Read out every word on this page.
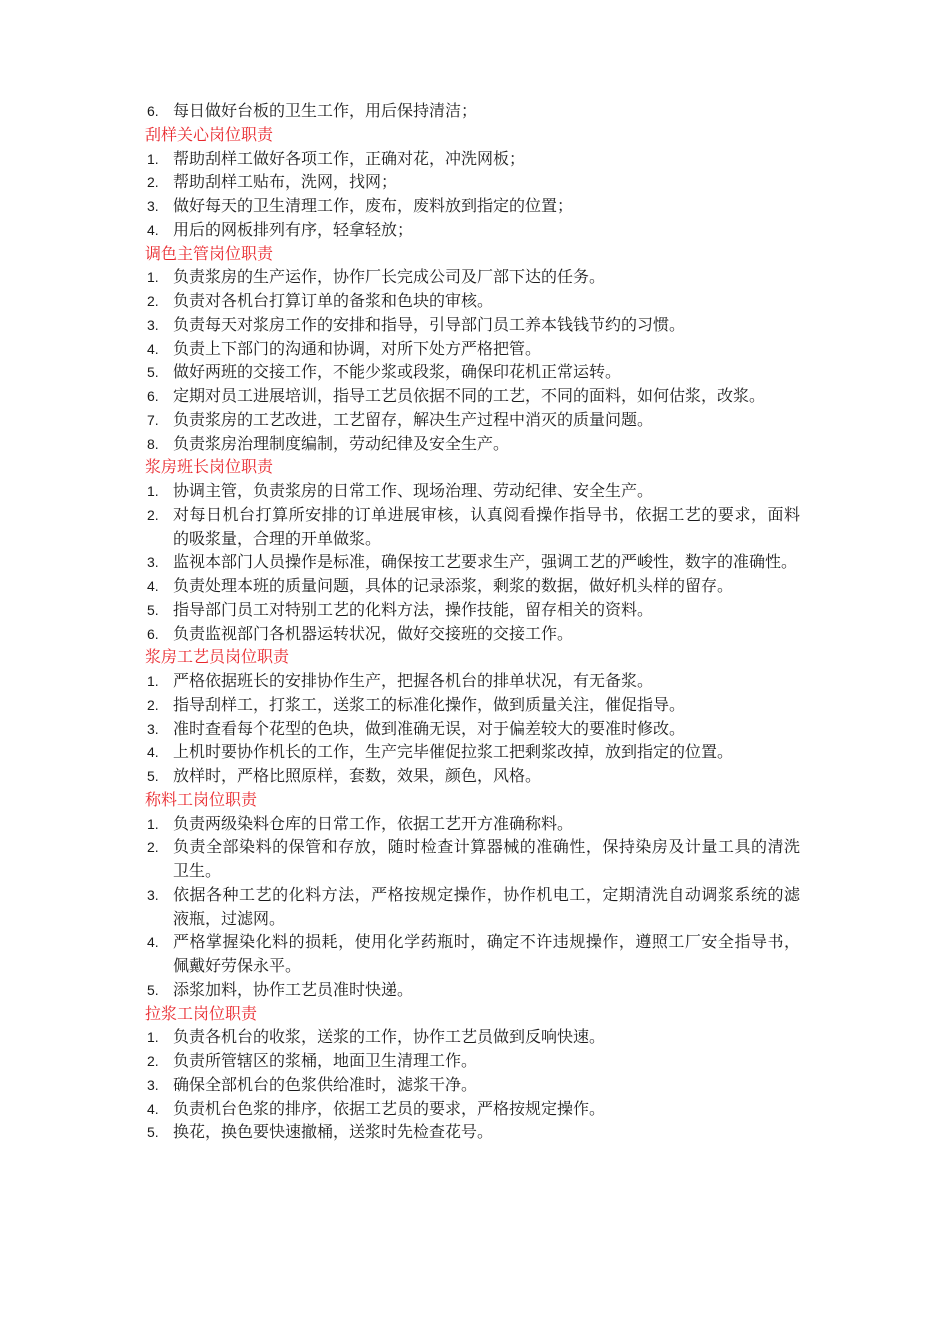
6. 每日做好台板的卫生工作，用后保持清洁；
刮样关心岗位职责
1. 帮助刮样工做好各项工作，正确对花，冲洗网板；
2. 帮助刮样工贴布，洗网，找网；
3. 做好每天的卫生清理工作，废布，废料放到指定的位置；
4. 用后的网板排列有序，轻拿轻放；
调色主管岗位职责
1. 负责浆房的生产运作，协作厂长完成公司及厂部下达的任务。
2. 负责对各机台打算订单的备浆和色块的审核。
3. 负责每天对浆房工作的安排和指导，引导部门员工养本钱钱节约的习惯。
4. 负责上下部门的沟通和协调，对所下处方严格把管。
5. 做好两班的交接工作，不能少浆或段浆，确保印花机正常运转。
6. 定期对员工进展培训，指导工艺员依据不同的工艺，不同的面料，如何估浆，改浆。
7. 负责浆房的工艺改进，工艺留存，解决生产过程中消灭的质量问题。
8. 负责浆房治理制度编制，劳动纪律及安全生产。
浆房班长岗位职责
1. 协调主管，负责浆房的日常工作、现场治理、劳动纪律、安全生产。
2. 对每日机台打算所安排的订单进展审核，认真阅看操作指导书，依据工艺的要求，面料
的吸浆量，合理的开单做浆。
3. 监视本部门人员操作是标准，确保按工艺要求生产，强调工艺的严峻性，数字的准确性。
4. 负责处理本班的质量问题，具体的记录添浆，剩浆的数据，做好机头样的留存。
5. 指导部门员工对特别工艺的化料方法，操作技能，留存相关的资料。
6. 负责监视部门各机器运转状况，做好交接班的交接工作。
浆房工艺员岗位职责
1. 严格依据班长的安排协作生产，把握各机台的排单状况，有无备浆。
2. 指导刮样工，打浆工，送浆工的标准化操作，做到质量关注，催促指导。
3. 准时查看每个花型的色块，做到准确无误，对于偏差较大的要准时修改。
4. 上机时要协作机长的工作，生产完毕催促拉浆工把剩浆改掉，放到指定的位置。
5. 放样时，严格比照原样，套数，效果，颜色，风格。
称料工岗位职责
1. 负责两级染料仓库的日常工作，依据工艺开方准确称料。
2. 负责全部染料的保管和存放，随时检查计算器械的准确性，保持染房及计量工具的清洗
卫生。
3. 依据各种工艺的化料方法，严格按规定操作，协作机电工，定期清洗自动调浆系统的滤
液瓶，过滤网。
4. 严格掌握染化料的损耗，使用化学药瓶时，确定不许违规操作，遵照工厂安全指导书，
佩戴好劳保永平。
5. 添浆加料，协作工艺员准时快递。
拉浆工岗位职责
1. 负责各机台的收浆，送浆的工作，协作工艺员做到反响快速。
2. 负责所管辖区的浆桶，地面卫生清理工作。
3. 确保全部机台的色浆供给准时，滤浆干净。
4. 负责机台色浆的排序，依据工艺员的要求，严格按规定操作。
5. 换花，换色要快速撤桶，送浆时先检查花号。
